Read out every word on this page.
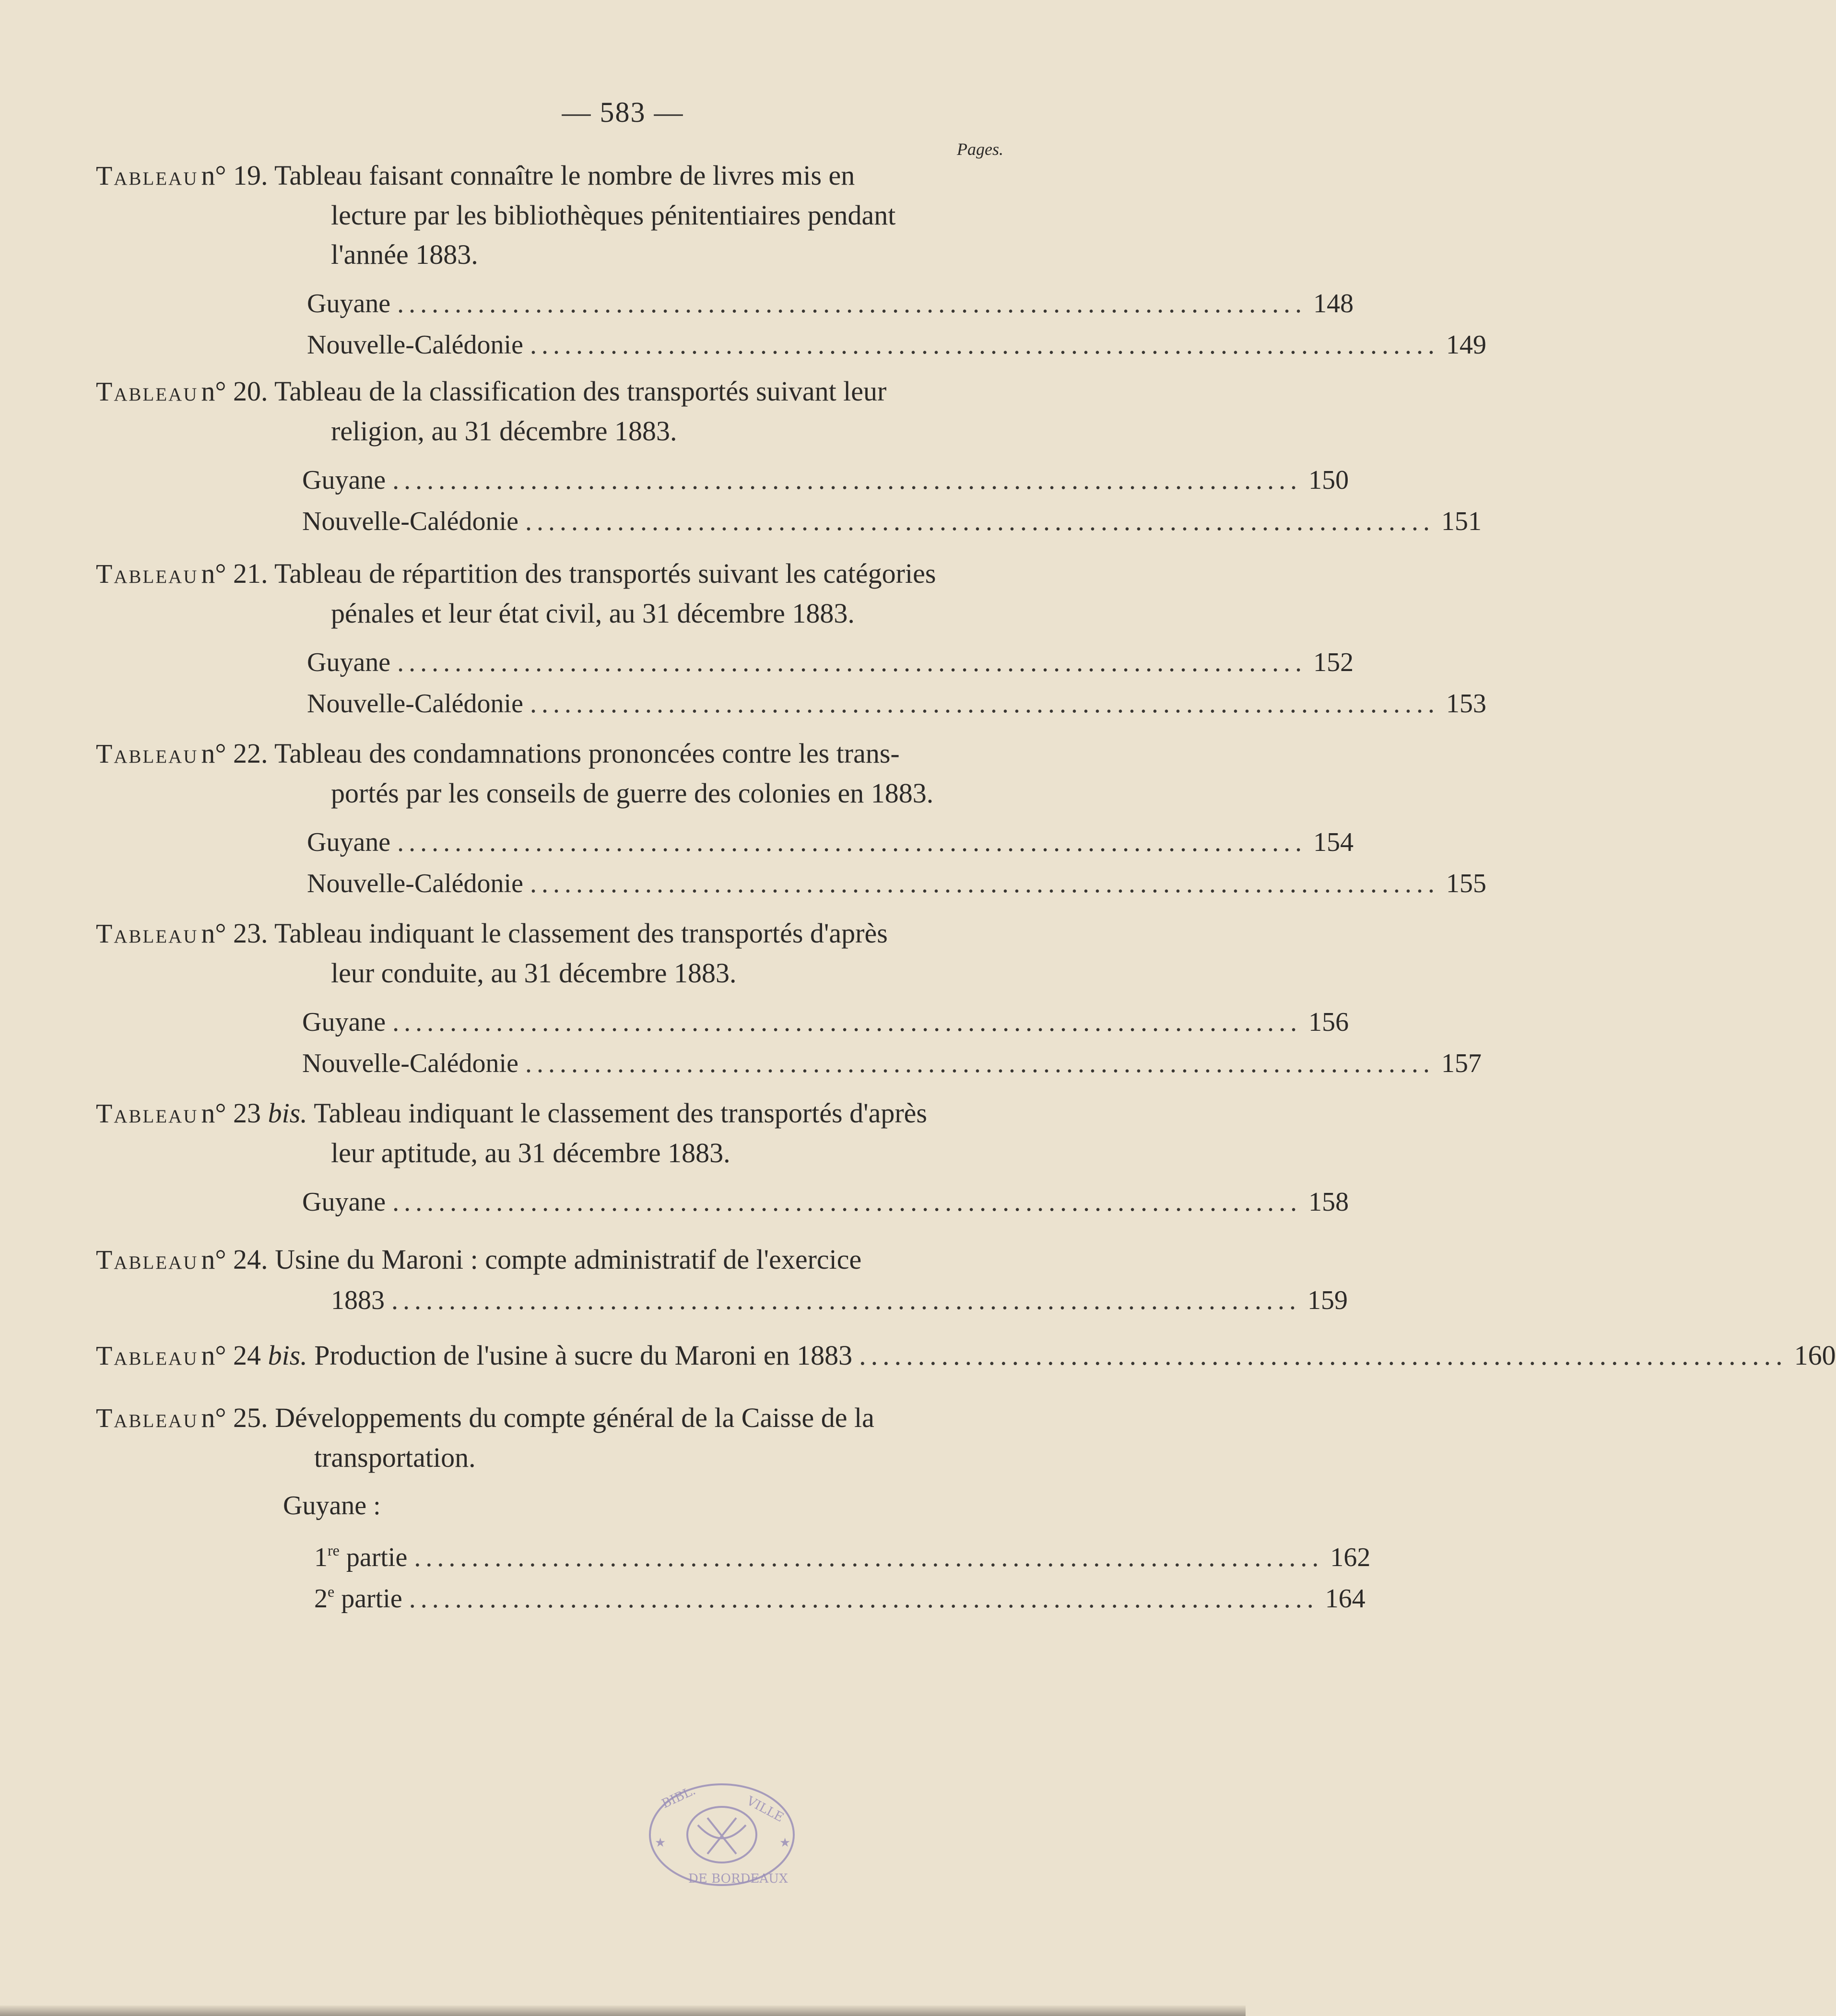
— 583 —
Pages.
Tableau n° 19. Tableau faisant connaître le nombre de livres mis en
lecture par les bibliothèques pénitentiaires pendant
l'année 1883.
Guyane ............................................................................... 148
Nouvelle-Calédonie ............................................................................... 149
Tableau n° 20. Tableau de la classification des transportés suivant leur
religion, au 31 décembre 1883.
Guyane ............................................................................... 150
Nouvelle-Calédonie ............................................................................... 151
Tableau n° 21. Tableau de répartition des transportés suivant les catégories
pénales et leur état civil, au 31 décembre 1883.
Guyane ............................................................................... 152
Nouvelle-Calédonie ............................................................................... 153
Tableau n° 22. Tableau des condamnations prononcées contre les trans-
portés par les conseils de guerre des colonies en 1883.
Guyane ............................................................................... 154
Nouvelle-Calédonie ............................................................................... 155
Tableau n° 23. Tableau indiquant le classement des transportés d'après
leur conduite, au 31 décembre 1883.
Guyane ............................................................................... 156
Nouvelle-Calédonie ............................................................................... 157
Tableau n° 23 bis. Tableau indiquant le classement des transportés d'après
leur aptitude, au 31 décembre 1883.
Guyane ............................................................................... 158
Tableau n° 24. Usine du Maroni : compte administratif de l'exercice
1883 ............................................................................... 159
Tableau n° 24 bis. Production de l'usine à sucre du Maroni en 1883 ............................................................................... 160
Tableau n° 25. Développements du compte général de la Caisse de la
transportation.
Guyane :
1re partie ............................................................................... 162
2e partie ............................................................................... 164
BIBL.	VILLE
DE BORDEAUX
★	★
